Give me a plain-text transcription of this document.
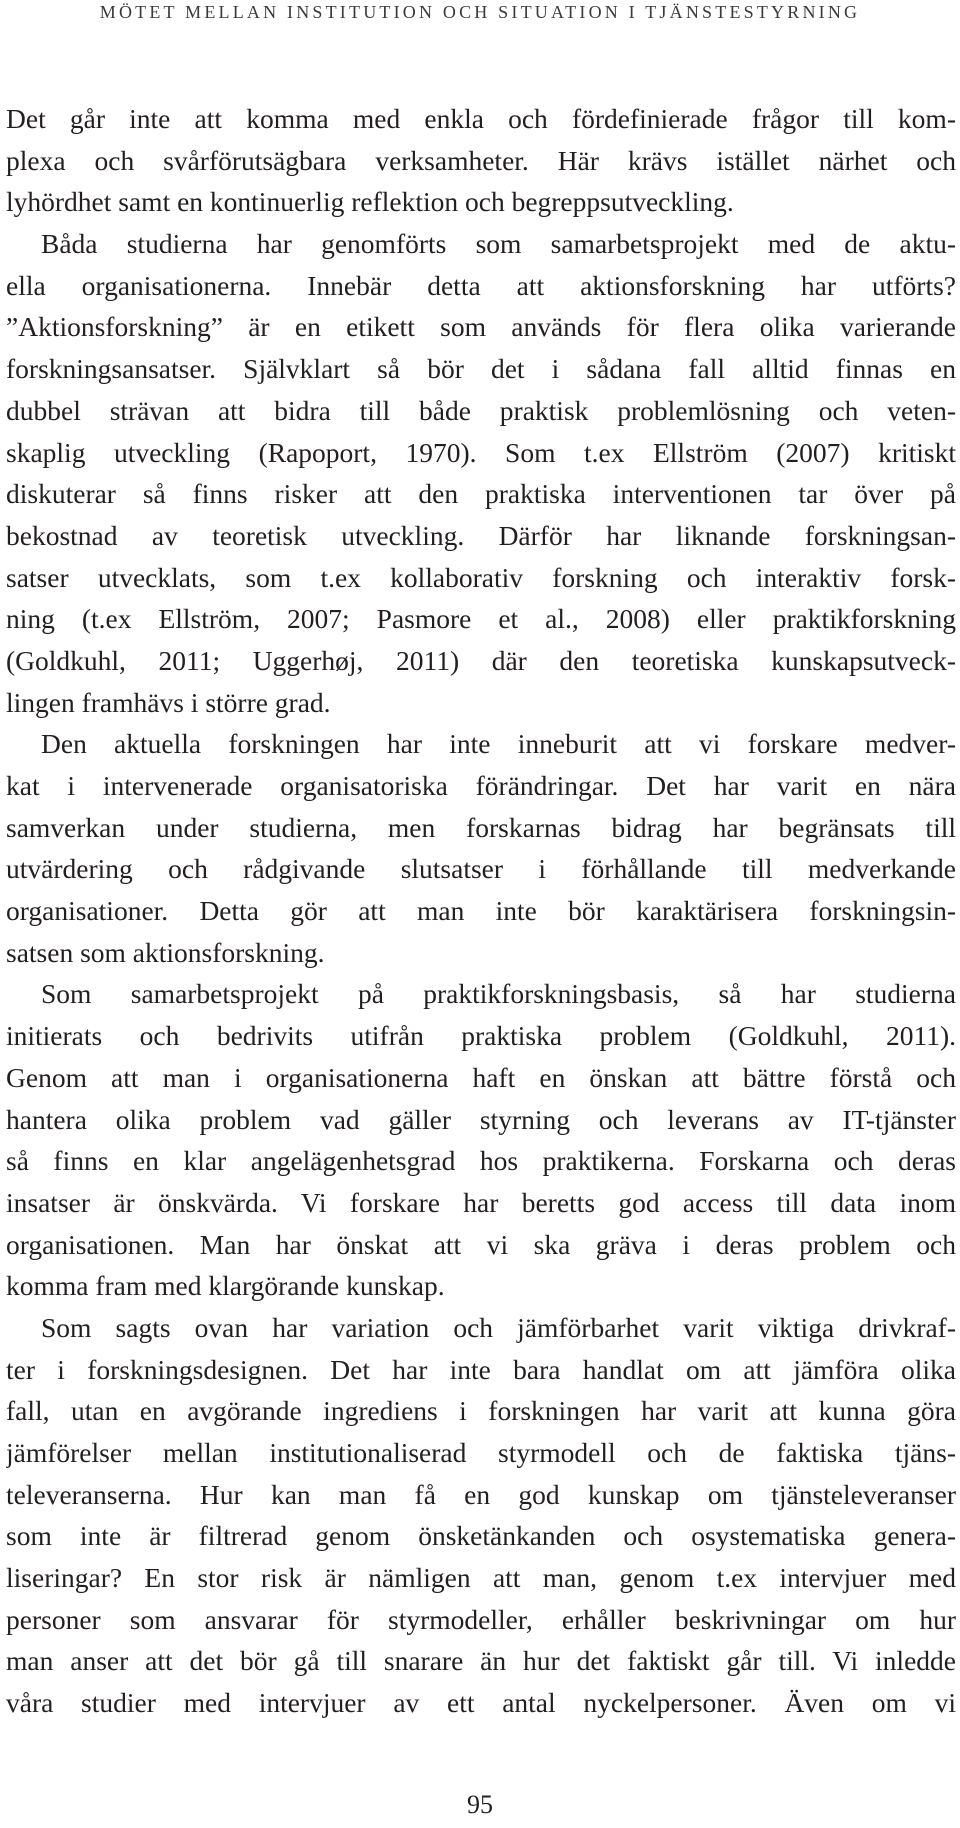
MÖTET MELLAN INSTITUTION OCH SITUATION I TJÄNSTESTYRNING
Det går inte att komma med enkla och fördefinierade frågor till kom-
plexa och svårförutsägbara verksamheter. Här krävs istället närhet och
lyhördhet samt en kontinuerlig reflektion och begreppsutveckling.
Båda studierna har genomförts som samarbetsprojekt med de aktu-
ella organisationerna. Innebär detta att aktionsforskning har utförts?
”Aktionsforskning” är en etikett som används för flera olika varierande
forskningsansatser. Självklart så bör det i sådana fall alltid finnas en
dubbel strävan att bidra till både praktisk problemlösning och veten-
skaplig utveckling (Rapoport, 1970). Som t.ex Ellström (2007) kritiskt
diskuterar så finns risker att den praktiska interventionen tar över på
bekostnad av teoretisk utveckling. Därför har liknande forskningsan-
satser utvecklats, som t.ex kollaborativ forskning och interaktiv forsk-
ning (t.ex Ellström, 2007; Pasmore et al., 2008) eller praktikforskning
(Goldkuhl, 2011; Uggerhøj, 2011) där den teoretiska kunskapsutveck-
lingen framhävs i större grad.
Den aktuella forskningen har inte inneburit att vi forskare medver-
kat i intervenerade organisatoriska förändringar. Det har varit en nära
samverkan under studierna, men forskarnas bidrag har begränsats till
utvärdering och rådgivande slutsatser i förhållande till medverkande
organisationer. Detta gör att man inte bör karaktärisera forskningsin-
satsen som aktionsforskning.
Som samarbetsprojekt på praktikforskningsbasis, så har studierna
initierats och bedrivits utifrån praktiska problem (Goldkuhl, 2011).
Genom att man i organisationerna haft en önskan att bättre förstå och
hantera olika problem vad gäller styrning och leverans av IT-tjänster
så finns en klar angelägenhetsgrad hos praktikerna. Forskarna och deras
insatser är önskvärda. Vi forskare har beretts god access till data inom
organisationen. Man har önskat att vi ska gräva i deras problem och
komma fram med klargörande kunskap.
Som sagts ovan har variation och jämförbarhet varit viktiga drivkraf-
ter i forskningsdesignen. Det har inte bara handlat om att jämföra olika
fall, utan en avgörande ingrediens i forskningen har varit att kunna göra
jämförelser mellan institutionaliserad styrmodell och de faktiska tjäns-
televeranserna. Hur kan man få en god kunskap om tjänsteleveranser
som inte är filtrerad genom önsketänkanden och osystematiska genera-
liseringar? En stor risk är nämligen att man, genom t.ex intervjuer med
personer som ansvarar för styrmodeller, erhåller beskrivningar om hur
man anser att det bör gå till snarare än hur det faktiskt går till. Vi inledde
våra studier med intervjuer av ett antal nyckelpersoner. Även om vi
95
